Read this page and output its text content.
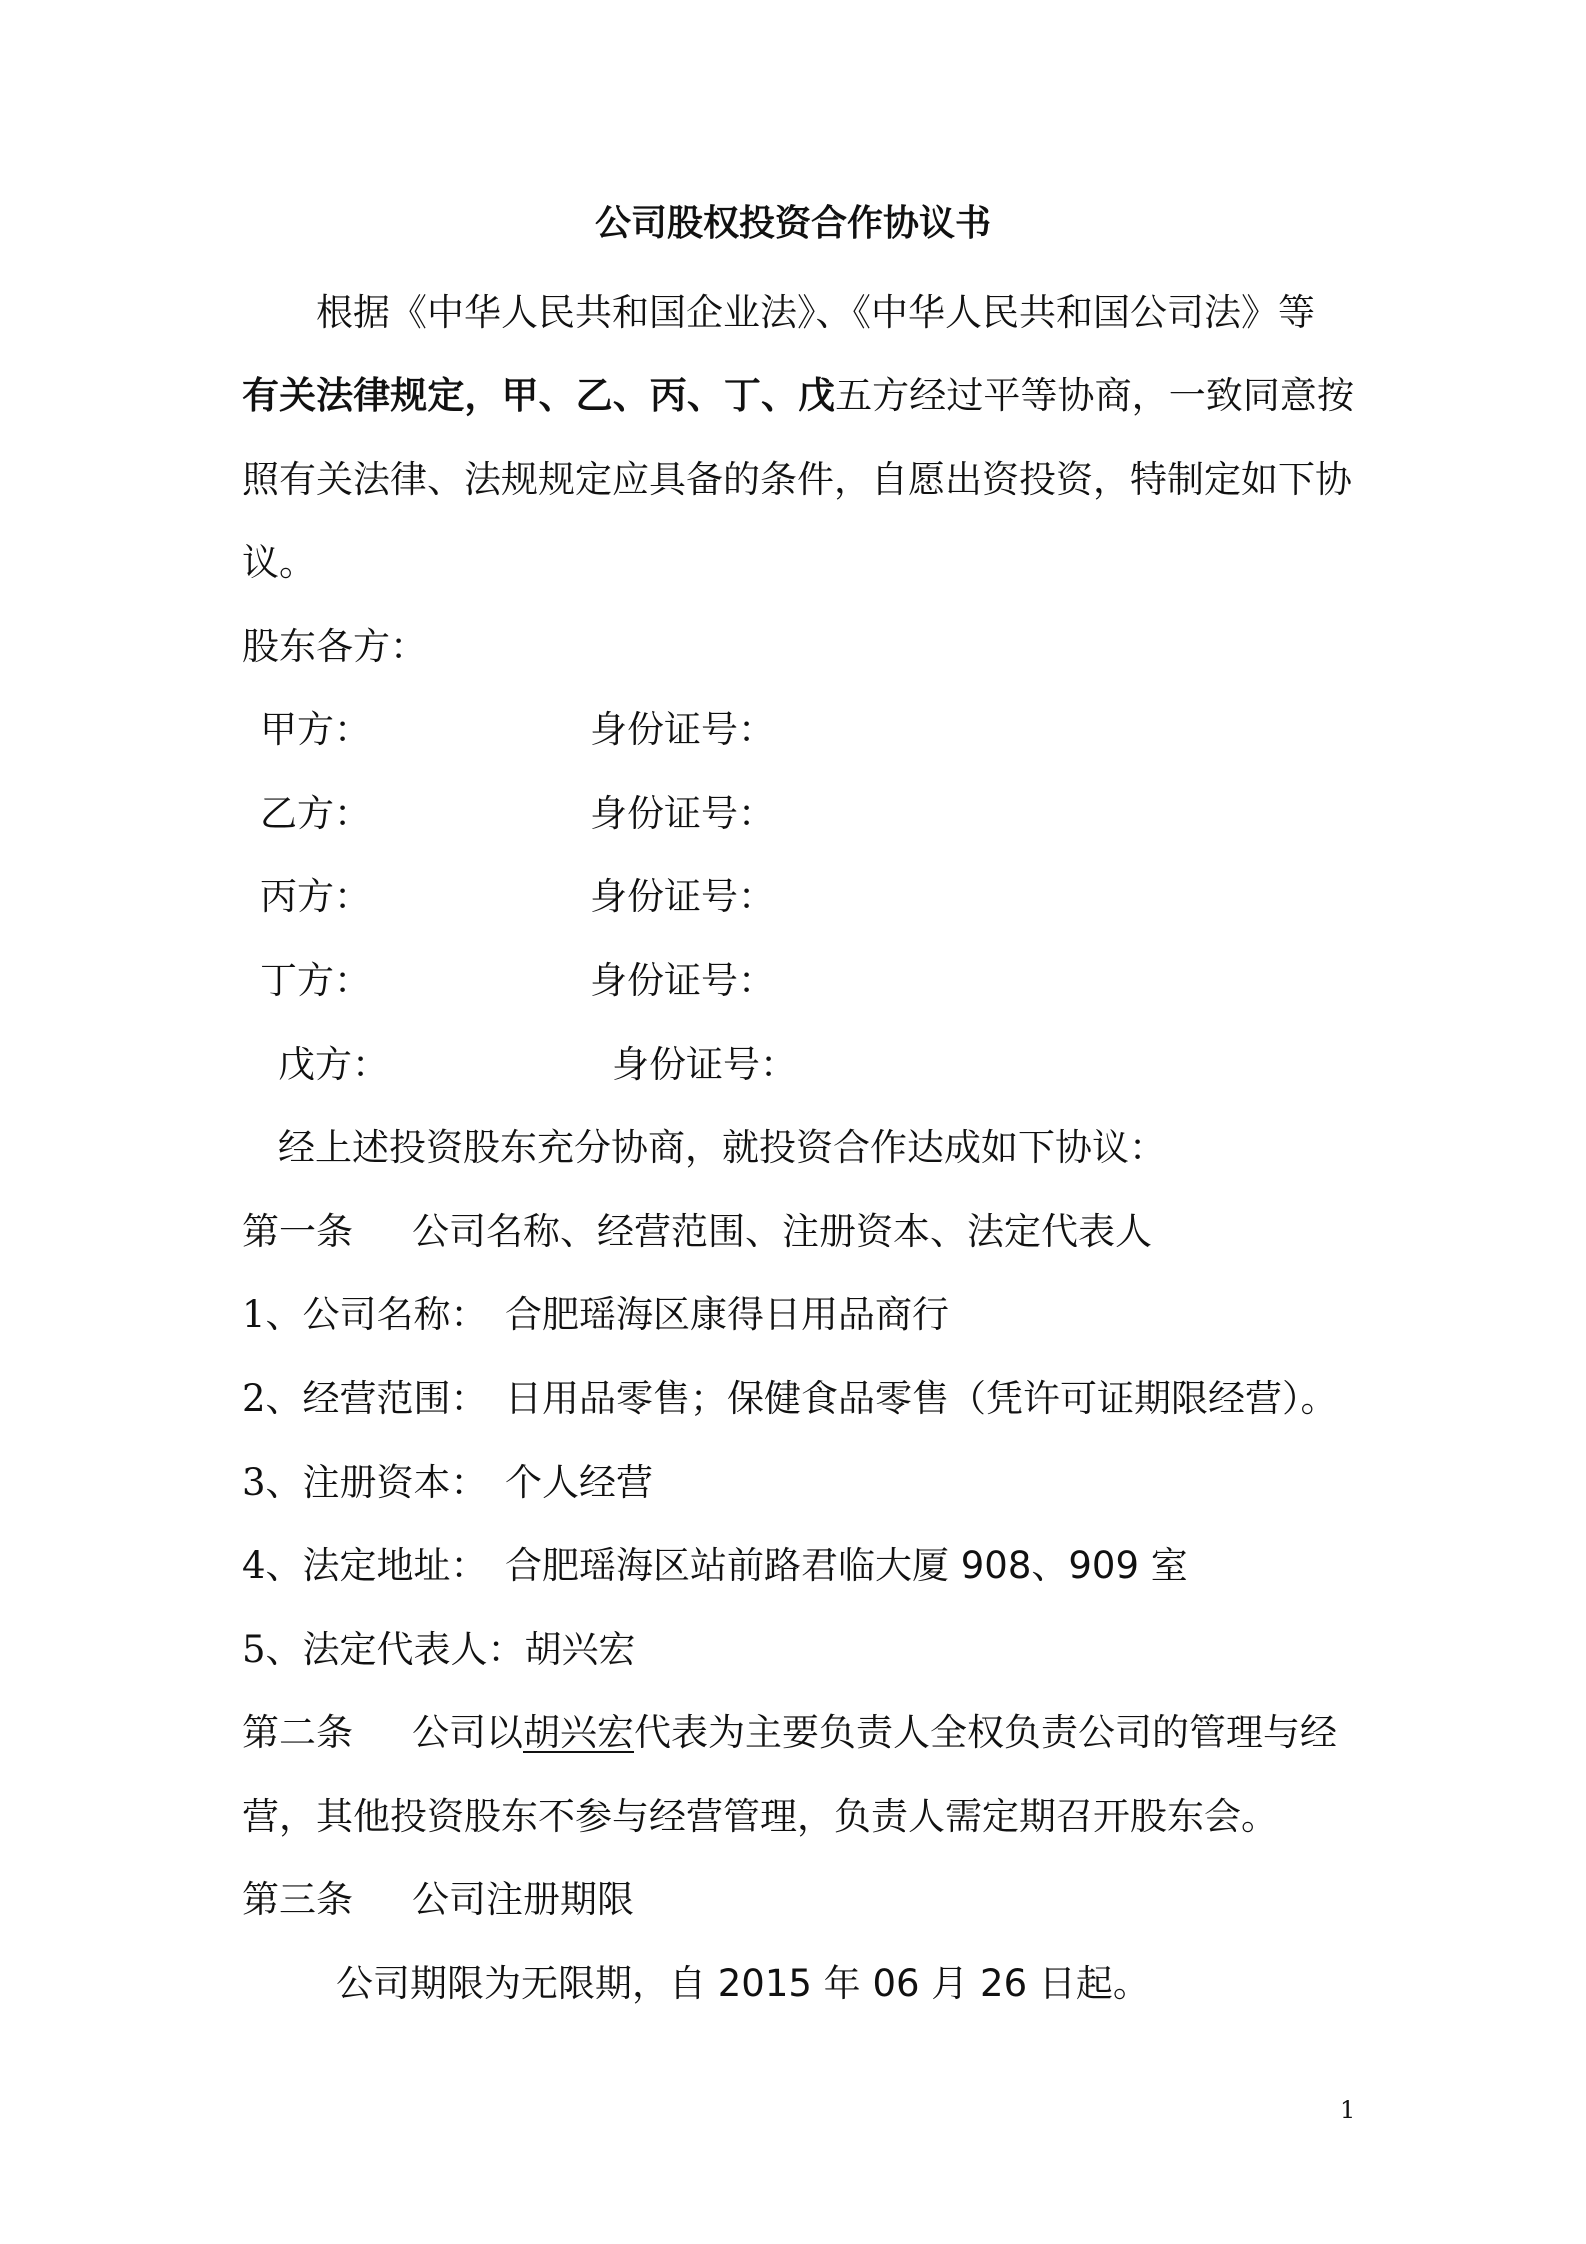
公司股权投资合作协议书
根据《中华人民共和国企业法》、《中华人民共和国公司法》等
有关法律规定，甲、乙、丙、丁、戊五方经过平等协商，一致同意按
照有关法律、法规规定应具备的条件，自愿出资投资，特制定如下协
议。
股东各方：
甲方：	身份证号：
乙方：	身份证号：
丙方：	身份证号：
丁方：	身份证号：
戊方：	身份证号：
经上述投资股东充分协商，就投资合作达成如下协议：
第一条 公司名称、经营范围、注册资本、法定代表人
1、公司名称： 合肥瑶海区康得日用品商行
2、经营范围： 日用品零售；保健食品零售（凭许可证期限经营）。
3、注册资本： 个人经营
4、法定地址： 合肥瑶海区站前路君临大厦 908、909 室
5、法定代表人：胡兴宏
第二条 公司以胡兴宏代表为主要负责人全权负责公司的管理与经
营，其他投资股东不参与经营管理，负责人需定期召开股东会。
第三条 公司注册期限
公司期限为无限期，自 2015 年 06 月 26 日起。
1
